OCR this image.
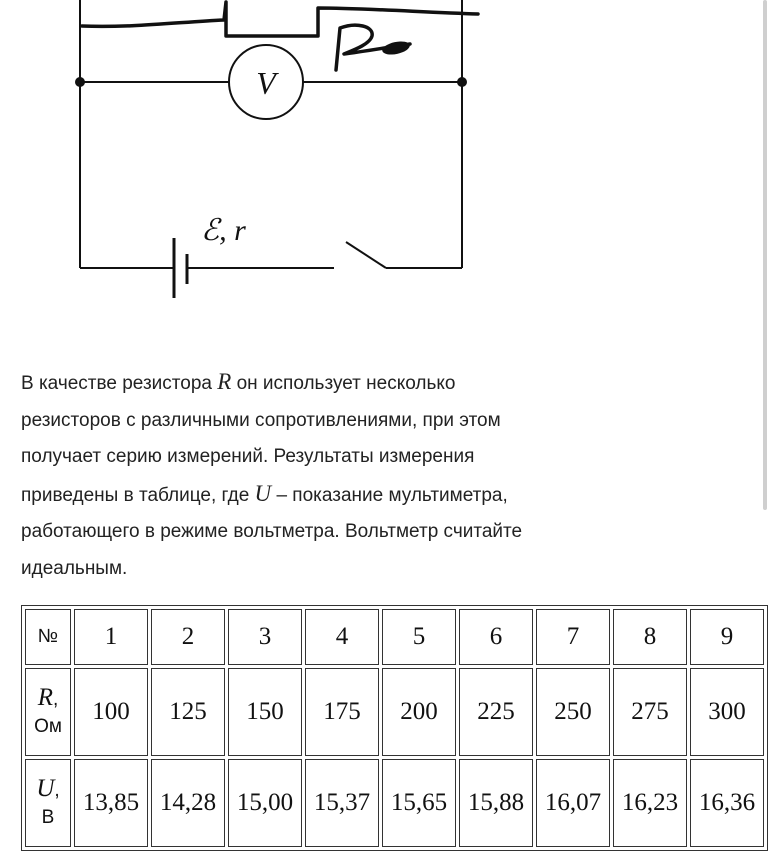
V
ℰ, r

В качестве резистора R он использует несколько резисторов с различными сопротивлениями, при этом получает серию измерений. Результаты измерения приведены в таблице, где U – показание мультиметра, работающего в режиме вольтметра. Вольтметр считайте идеальным.

№	1	2	3	4	5	6	7	8	9

R,
Ом	100	125	150	175	200	225	250	275	300

U,
В	13,85	14,28	15,00	15,37	15,65	15,88	16,07	16,23	16,36
